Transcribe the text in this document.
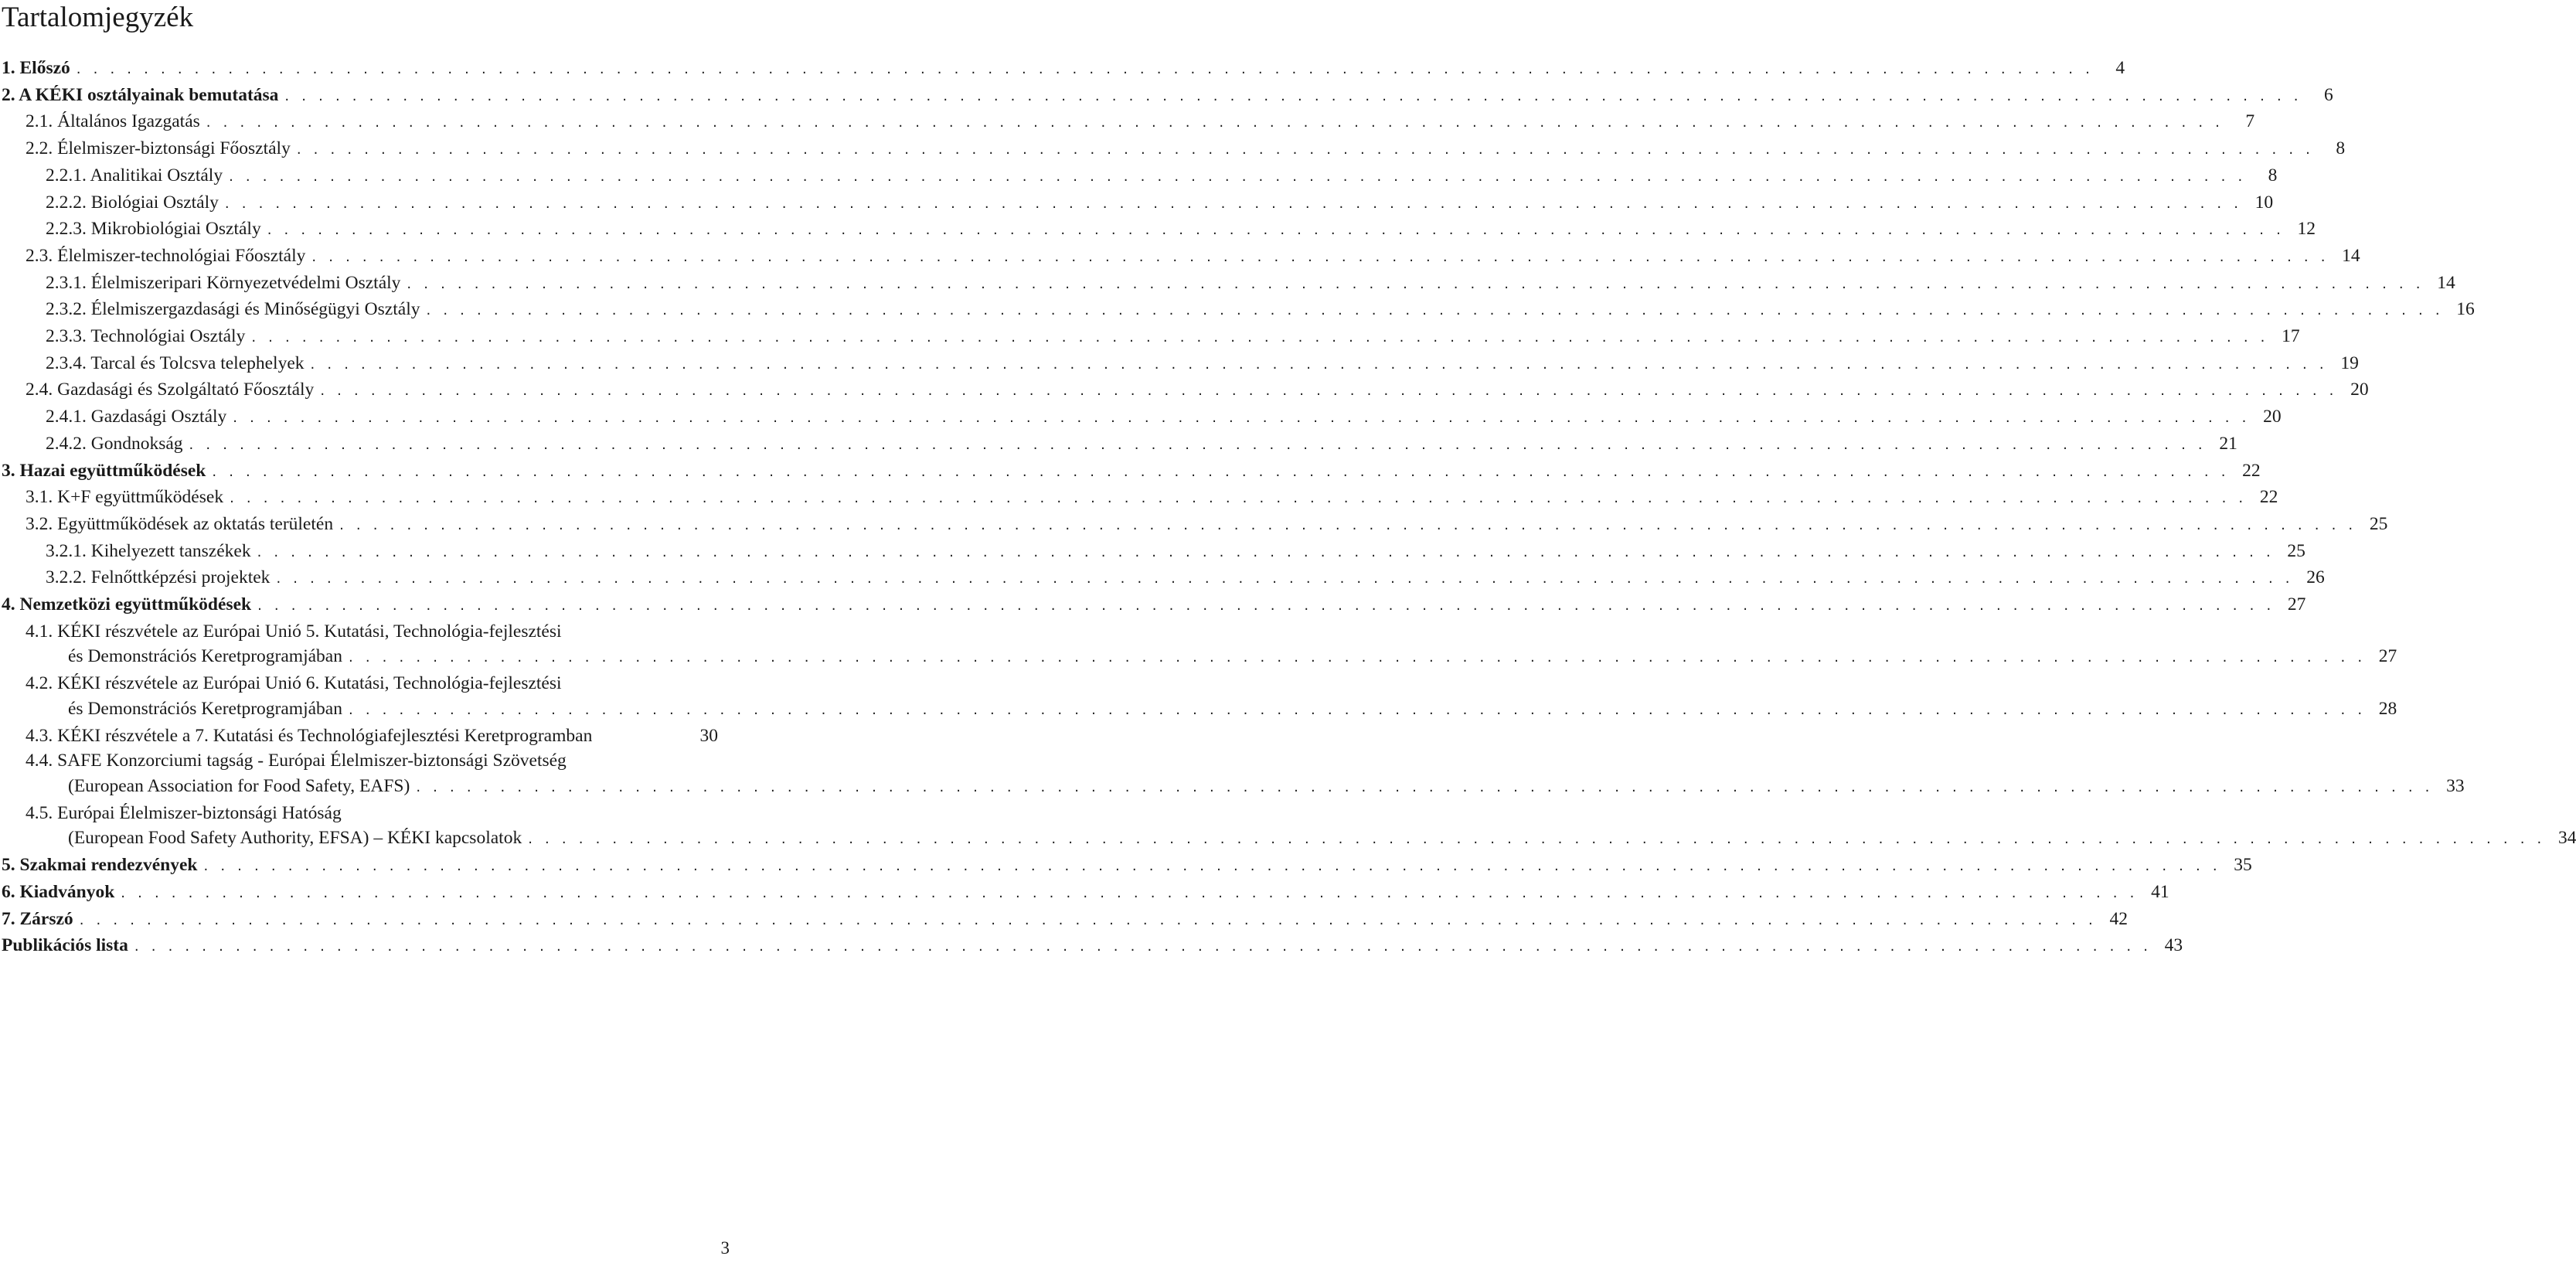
Tartalomjegyzék
1. Előszó . . . . . . . . . . . . . . . . . . . . . . . . . . . . . . . . . . . . . . . . . . . . . . . . . . . . . . . . . . . . . . . . . . . . . . . . . . . . . . . . . . . . . . . . . . . . . . . . . . . . . . . . . . . . . . . . . . . . . . . .	4
2. A KÉKI osztályainak bemutatása . . . . . . . . . . . . . . . . . . . . . . . . . . . . . . . . . . . . . . . . . . . . . . . . . . . . . . . . . . . . . . . . . . . . . . . . . . . . . . . . . . . . . . . . . . . . . . . . . . . . . . . . . . . . . . . . . . . . . . . .	6
2.1. Általános Igazgatás . . . . . . . . . . . . . . . . . . . . . . . . . . . . . . . . . . . . . . . . . . . . . . . . . . . . . . . . . . . . . . . . . . . . . . . . . . . . . . . . . . . . . . . . . . . . . . . . . . . . . . . . . . . . . . . . . . . . . . . .	7
2.2. Élelmiszer-biztonsági Főosztály . . . . . . . . . . . . . . . . . . . . . . . . . . . . . . . . . . . . . . . . . . . . . . . . . . . . . . . . . . . . . . . . . . . . . . . . . . . . . . . . . . . . . . . . . . . . . . . . . . . . . . . . . . . . . . . . . . . . . . . .	8
2.2.1. Analitikai Osztály . . . . . . . . . . . . . . . . . . . . . . . . . . . . . . . . . . . . . . . . . . . . . . . . . . . . . . . . . . . . . . . . . . . . . . . . . . . . . . . . . . . . . . . . . . . . . . . . . . . . . . . . . . . . . . . . . . . . . . . .	8
2.2.2. Biológiai Osztály . . . . . . . . . . . . . . . . . . . . . . . . . . . . . . . . . . . . . . . . . . . . . . . . . . . . . . . . . . . . . . . . . . . . . . . . . . . . . . . . . . . . . . . . . . . . . . . . . . . . . . . . . . . . . . . . . . . . . . . . 10
2.2.3. Mikrobiológiai Osztály . . . . . . . . . . . . . . . . . . . . . . . . . . . . . . . . . . . . . . . . . . . . . . . . . . . . . . . . . . . . . . . . . . . . . . . . . . . . . . . . . . . . . . . . . . . . . . . . . . . . . . . . . . . . . . . . . . . . . . . . 12
2.3. Élelmiszer-technológiai Főosztály . . . . . . . . . . . . . . . . . . . . . . . . . . . . . . . . . . . . . . . . . . . . . . . . . . . . . . . . . . . . . . . . . . . . . . . . . . . . . . . . . . . . . . . . . . . . . . . . . . . . . . . . . . . . . . . . . . . . . . . . 14
2.3.1. Élelmiszeripari Környezetvédelmi Osztály . . . . . . . . . . . . . . . . . . . . . . . . . . . . . . . . . . . . . . . . . . . . . . . . . . . . . . . . . . . . . . . . . . . . . . . . . . . . . . . . . . . . . . . . . . . . . . . . . . . . . . . . . . . . . . . . . . . . . . . . 14
2.3.2. Élelmiszergazdasági és Minőségügyi Osztály . . . . . . . . . . . . . . . . . . . . . . . . . . . . . . . . . . . . . . . . . . . . . . . . . . . . . . . . . . . . . . . . . . . . . . . . . . . . . . . . . . . . . . . . . . . . . . . . . . . . . . . . . . . . . . . . . . . . . . . . 16
2.3.3. Technológiai Osztály . . . . . . . . . . . . . . . . . . . . . . . . . . . . . . . . . . . . . . . . . . . . . . . . . . . . . . . . . . . . . . . . . . . . . . . . . . . . . . . . . . . . . . . . . . . . . . . . . . . . . . . . . . . . . . . . . . . . . . . . 17
2.3.4. Tarcal és Tolcsva telephelyek . . . . . . . . . . . . . . . . . . . . . . . . . . . . . . . . . . . . . . . . . . . . . . . . . . . . . . . . . . . . . . . . . . . . . . . . . . . . . . . . . . . . . . . . . . . . . . . . . . . . . . . . . . . . . . . . . . . . . . . . 19
2.4. Gazdasági és Szolgáltató Főosztály . . . . . . . . . . . . . . . . . . . . . . . . . . . . . . . . . . . . . . . . . . . . . . . . . . . . . . . . . . . . . . . . . . . . . . . . . . . . . . . . . . . . . . . . . . . . . . . . . . . . . . . . . . . . . . . . . . . . . . . . 20
2.4.1. Gazdasági Osztály . . . . . . . . . . . . . . . . . . . . . . . . . . . . . . . . . . . . . . . . . . . . . . . . . . . . . . . . . . . . . . . . . . . . . . . . . . . . . . . . . . . . . . . . . . . . . . . . . . . . . . . . . . . . . . . . . . . . . . . . 20
2.4.2. Gondnokság . . . . . . . . . . . . . . . . . . . . . . . . . . . . . . . . . . . . . . . . . . . . . . . . . . . . . . . . . . . . . . . . . . . . . . . . . . . . . . . . . . . . . . . . . . . . . . . . . . . . . . . . . . . . . . . . . . . . . . . . 21
3. Hazai együttműködések . . . . . . . . . . . . . . . . . . . . . . . . . . . . . . . . . . . . . . . . . . . . . . . . . . . . . . . . . . . . . . . . . . . . . . . . . . . . . . . . . . . . . . . . . . . . . . . . . . . . . . . . . . . . . . . . . . . . . . . . 22
3.1. K+F együttműködések . . . . . . . . . . . . . . . . . . . . . . . . . . . . . . . . . . . . . . . . . . . . . . . . . . . . . . . . . . . . . . . . . . . . . . . . . . . . . . . . . . . . . . . . . . . . . . . . . . . . . . . . . . . . . . . . . . . . . . . . 22
3.2. Együttműködések az oktatás területén . . . . . . . . . . . . . . . . . . . . . . . . . . . . . . . . . . . . . . . . . . . . . . . . . . . . . . . . . . . . . . . . . . . . . . . . . . . . . . . . . . . . . . . . . . . . . . . . . . . . . . . . . . . . . . . . . . . . . . . . 25
3.2.1. Kihelyezett tanszékek . . . . . . . . . . . . . . . . . . . . . . . . . . . . . . . . . . . . . . . . . . . . . . . . . . . . . . . . . . . . . . . . . . . . . . . . . . . . . . . . . . . . . . . . . . . . . . . . . . . . . . . . . . . . . . . . . . . . . . . . 25
3.2.2. Felnőttképzési projektek . . . . . . . . . . . . . . . . . . . . . . . . . . . . . . . . . . . . . . . . . . . . . . . . . . . . . . . . . . . . . . . . . . . . . . . . . . . . . . . . . . . . . . . . . . . . . . . . . . . . . . . . . . . . . . . . . . . . . . . . 26
4. Nemzetközi együttműködések . . . . . . . . . . . . . . . . . . . . . . . . . . . . . . . . . . . . . . . . . . . . . . . . . . . . . . . . . . . . . . . . . . . . . . . . . . . . . . . . . . . . . . . . . . . . . . . . . . . . . . . . . . . . . . . . . . . . . . . . 27
4.1. KÉKI részvétele az Európai Unió 5. Kutatási, Technológia-fejlesztési
és Demonstrációs Keretprogramjában . . . . . . . . . . . . . . . . . . . . . . . . . . . . . . . . . . . . . . . . . . . . . . . . . . . . . . . . . . . . . . . . . . . . . . . . . . . . . . . . . . . . . . . . . . . . . . . . . . . . . . . . . . . . . . . . . . . . . . . . 27
4.2. KÉKI részvétele az Európai Unió 6. Kutatási, Technológia-fejlesztési
és Demonstrációs Keretprogramjában . . . . . . . . . . . . . . . . . . . . . . . . . . . . . . . . . . . . . . . . . . . . . . . . . . . . . . . . . . . . . . . . . . . . . . . . . . . . . . . . . . . . . . . . . . . . . . . . . . . . . . . . . . . . . . . . . . . . . . . . 28
4.3. KÉKI részvétele a 7. Kutatási és Technológiafejlesztési Keretprogramban	30
4.4. SAFE Konzorciumi tagság - Európai Élelmiszer-biztonsági Szövetség
(European Association for Food Safety, EAFS) . . . . . . . . . . . . . . . . . . . . . . . . . . . . . . . . . . . . . . . . . . . . . . . . . . . . . . . . . . . . . . . . . . . . . . . . . . . . . . . . . . . . . . . . . . . . . . . . . . . . . . . . . . . . . . . . . . . . . . . . 33
4.5. Európai Élelmiszer-biztonsági Hatóság
(European Food Safety Authority, EFSA) – KÉKI kapcsolatok . . . . . . . . . . . . . . . . . . . . . . . . . . . . . . . . . . . . . . . . . . . . . . . . . . . . . . . . . . . . . . . . . . . . . . . . . . . . . . . . . . . . . . . . . . . . . . . . . . . . . . . . . . . . . . . . . . . . . . . . 34
5. Szakmai rendezvények . . . . . . . . . . . . . . . . . . . . . . . . . . . . . . . . . . . . . . . . . . . . . . . . . . . . . . . . . . . . . . . . . . . . . . . . . . . . . . . . . . . . . . . . . . . . . . . . . . . . . . . . . . . . . . . . . . . . . . . . 35
6. Kiadványok . . . . . . . . . . . . . . . . . . . . . . . . . . . . . . . . . . . . . . . . . . . . . . . . . . . . . . . . . . . . . . . . . . . . . . . . . . . . . . . . . . . . . . . . . . . . . . . . . . . . . . . . . . . . . . . . . . . . . . . . 41
7. Zárszó . . . . . . . . . . . . . . . . . . . . . . . . . . . . . . . . . . . . . . . . . . . . . . . . . . . . . . . . . . . . . . . . . . . . . . . . . . . . . . . . . . . . . . . . . . . . . . . . . . . . . . . . . . . . . . . . . . . . . . . . 42
Publikációs lista . . . . . . . . . . . . . . . . . . . . . . . . . . . . . . . . . . . . . . . . . . . . . . . . . . . . . . . . . . . . . . . . . . . . . . . . . . . . . . . . . . . . . . . . . . . . . . . . . . . . . . . . . . . . . . . . . . . . . . . . 43
3
